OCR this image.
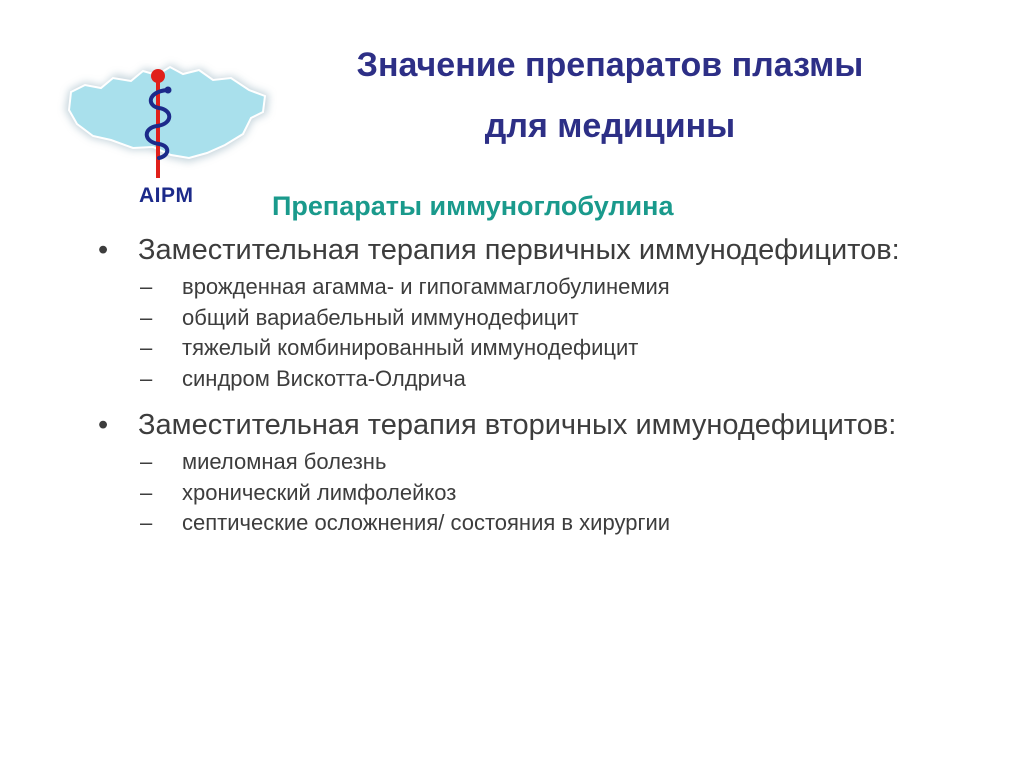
AIPM
Значение препаратов плазмы
для медицины
Препараты иммуноглобулина
• Заместительная терапия первичных иммунодефицитов:
– врожденная агамма- и гипогаммаглобулинемия
– общий вариабельный иммунодефицит
– тяжелый комбинированный иммунодефицит
– синдром Вискотта-Олдрича
• Заместительная терапия вторичных иммунодефицитов:
– миеломная болезнь
– хронический лимфолейкоз
– септические осложнения/ состояния в хирургии
